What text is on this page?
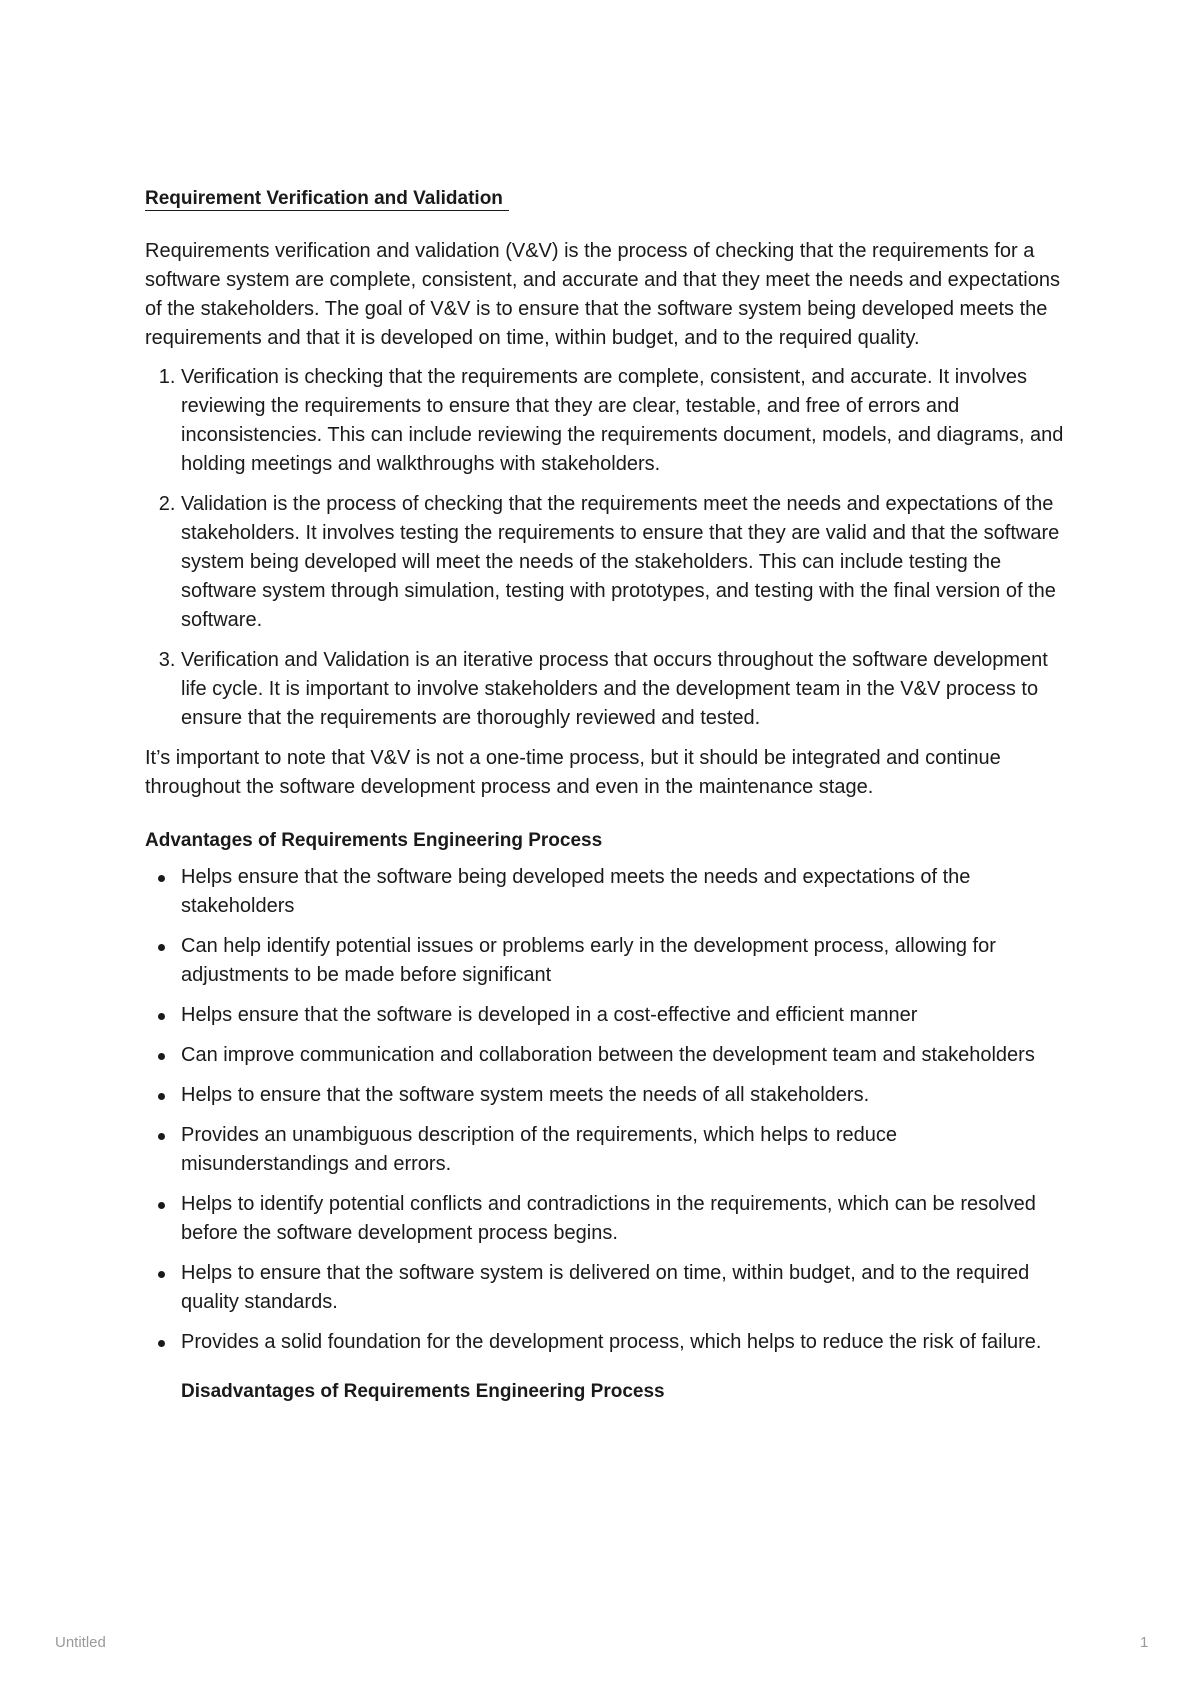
Requirement Verification and Validation

Requirements verification and validation (V&V) is the process of checking that the requirements for a software system are complete, consistent, and accurate and that they meet the needs and expectations of the stakeholders. The goal of V&V is to ensure that the software system being developed meets the requirements and that it is developed on time, within budget, and to the required quality.

1. Verification is checking that the requirements are complete, consistent, and accurate. It involves reviewing the requirements to ensure that they are clear, testable, and free of errors and inconsistencies. This can include reviewing the requirements document, models, and diagrams, and holding meetings and walkthroughs with stakeholders.
2. Validation is the process of checking that the requirements meet the needs and expectations of the stakeholders. It involves testing the requirements to ensure that they are valid and that the software system being developed will meet the needs of the stakeholders. This can include testing the software system through simulation, testing with prototypes, and testing with the final version of the software.
3. Verification and Validation is an iterative process that occurs throughout the software development life cycle. It is important to involve stakeholders and the development team in the V&V process to ensure that the requirements are thoroughly reviewed and tested.

It’s important to note that V&V is not a one-time process, but it should be integrated and continue throughout the software development process and even in the maintenance stage.

Advantages of Requirements Engineering Process
Helps ensure that the software being developed meets the needs and expectations of the stakeholders
Can help identify potential issues or problems early in the development process, allowing for adjustments to be made before significant
Helps ensure that the software is developed in a cost-effective and efficient manner
Can improve communication and collaboration between the development team and stakeholders
Helps to ensure that the software system meets the needs of all stakeholders.
Provides an unambiguous description of the requirements, which helps to reduce misunderstandings and errors.
Helps to identify potential conflicts and contradictions in the requirements, which can be resolved before the software development process begins.
Helps to ensure that the software system is delivered on time, within budget, and to the required quality standards.
Provides a solid foundation for the development process, which helps to reduce the risk of failure.
Disadvantages of Requirements Engineering Process
Untitled	1
